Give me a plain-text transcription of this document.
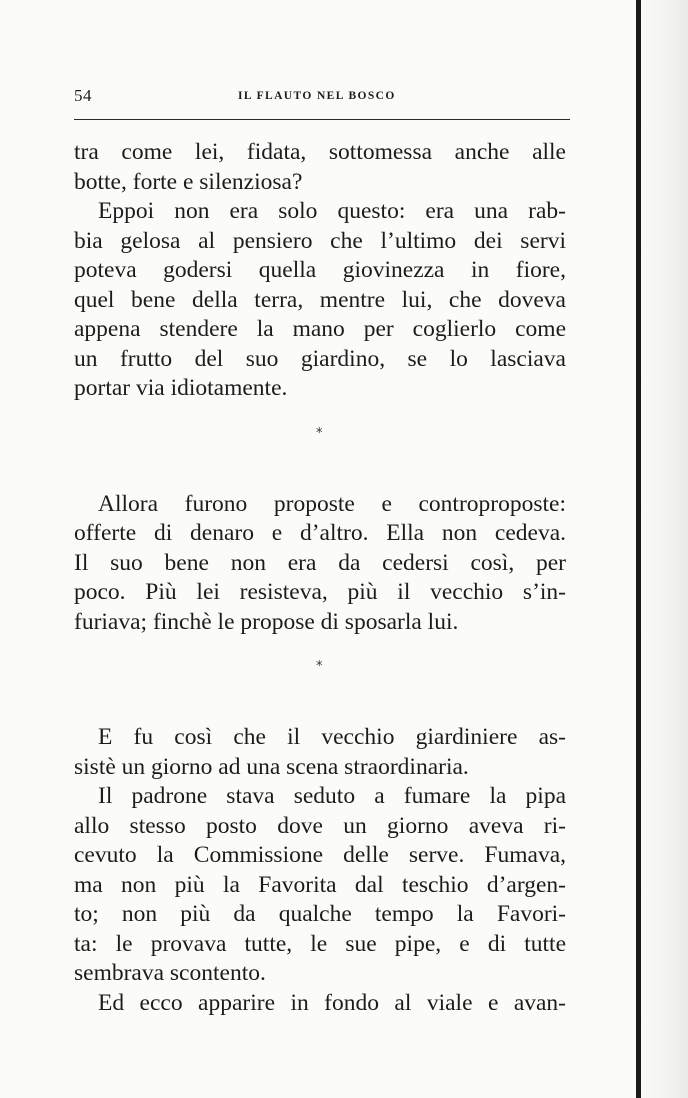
54	IL FLAUTO NEL BOSCO

tra come lei, fidata, sottomessa anche alle
botte, forte e silenziosa?

Eppoi non era solo questo: era una rab-
bia gelosa al pensiero che l’ultimo dei servi
poteva godersi quella giovinezza in fiore,
quel bene della terra, mentre lui, che doveva
appena stendere la mano per coglierlo come
un frutto del suo giardino, se lo lasciava
portar via idiotamente.

*

Allora furono proposte e controproposte:
offerte di denaro e d’altro. Ella non cedeva.
Il suo bene non era da cedersi così, per
poco. Più lei resisteva, più il vecchio s’in-
furiava; finchè le propose di sposarla lui.

*

E fu così che il vecchio giardiniere as-
sistè un giorno ad una scena straordinaria.

Il padrone stava seduto a fumare la pipa
allo stesso posto dove un giorno aveva ri-
cevuto la Commissione delle serve. Fumava,
ma non più la Favorita dal teschio d’argen-
to; non più da qualche tempo la Favori-
ta: le provava tutte, le sue pipe, e di tutte
sembrava scontento.

Ed ecco apparire in fondo al viale e avan-
